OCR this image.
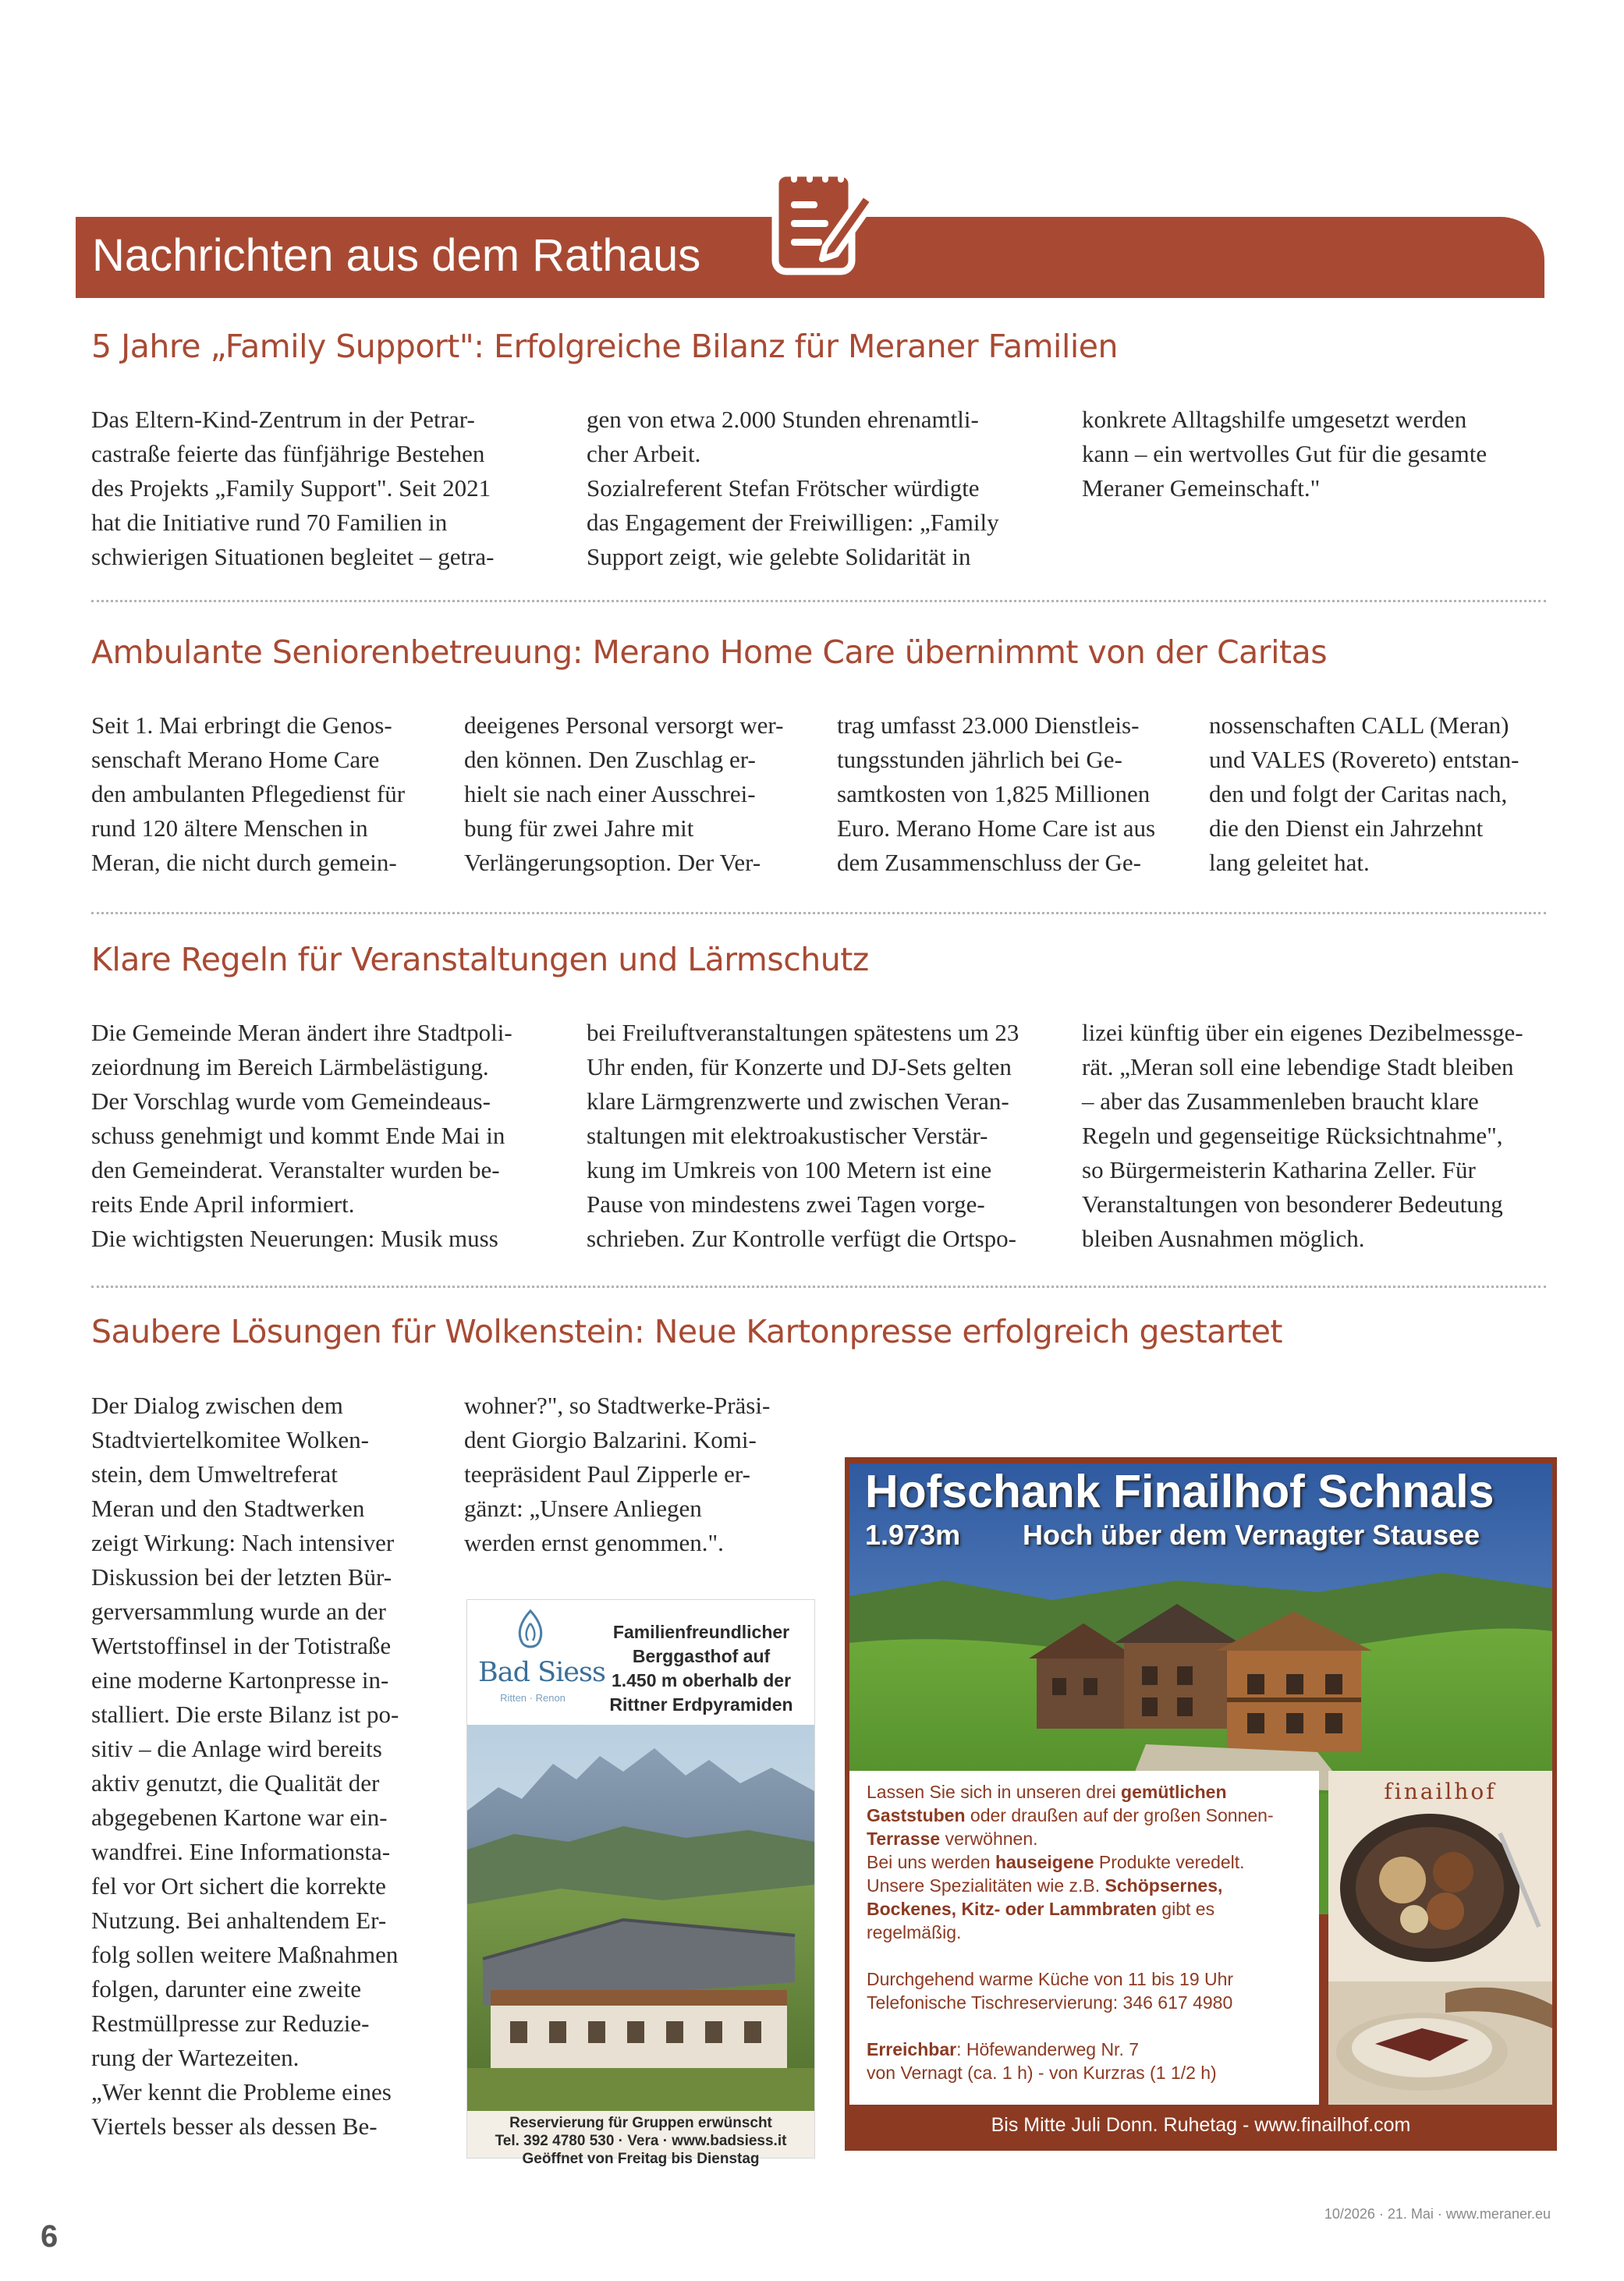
Nachrichten aus dem Rathaus
5 Jahre „Family Support": Erfolgreiche Bilanz für Meraner Familien

Das Eltern-Kind-Zentrum in der Petrar-

castraße feierte das fünfjährige Bestehen

des Projekts „Family Support". Seit 2021

hat die Initiative rund 70 Familien in

schwierigen Situationen begleitet – getra-

gen von etwa 2.000 Stunden ehrenamtli-

cher Arbeit.

Sozialreferent Stefan Frötscher würdigte

das Engagement der Freiwilligen: „Family

Support zeigt, wie gelebte Solidarität in

konkrete Alltagshilfe umgesetzt werden

kann – ein wertvolles Gut für die gesamte

Meraner Gemeinschaft."

Ambulante Seniorenbetreuung: Merano Home Care übernimmt von der Caritas

Seit 1. Mai erbringt die Genos-

senschaft Merano Home Care

den ambulanten Pflegedienst für

rund 120 ältere Menschen in

Meran, die nicht durch gemein-

deeigenes Personal versorgt wer-

den können. Den Zuschlag er-

hielt sie nach einer Ausschrei-

bung für zwei Jahre mit

Verlängerungsoption. Der Ver-

trag umfasst 23.000 Dienstleis-

tungsstunden jährlich bei Ge-

samtkosten von 1,825 Millionen

Euro. Merano Home Care ist aus

dem Zusammenschluss der Ge-

nossenschaften CALL (Meran)

und VALES (Rovereto) entstan-

den und folgt der Caritas nach,

die den Dienst ein Jahrzehnt

lang geleitet hat.

Klare Regeln für Veranstaltungen und Lärmschutz

Die Gemeinde Meran ändert ihre Stadtpoli-

zeiordnung im Bereich Lärmbelästigung.

Der Vorschlag wurde vom Gemeindeaus-

schuss genehmigt und kommt Ende Mai in

den Gemeinderat. Veranstalter wurden be-

reits Ende April informiert.

Die wichtigsten Neuerungen: Musik muss

bei Freiluftveranstaltungen spätestens um 23

Uhr enden, für Konzerte und DJ-Sets gelten

klare Lärmgrenzwerte und zwischen Veran-

staltungen mit elektroakustischer Verstär-

kung im Umkreis von 100 Metern ist eine

Pause von mindestens zwei Tagen vorge-

schrieben. Zur Kontrolle verfügt die Ortspo-

lizei künftig über ein eigenes Dezibelmessge-

rät. „Meran soll eine lebendige Stadt bleiben

– aber das Zusammenleben braucht klare

Regeln und gegenseitige Rücksichtnahme",

so Bürgermeisterin Katharina Zeller. Für

Veranstaltungen von besonderer Bedeutung

bleiben Ausnahmen möglich.

Saubere Lösungen für Wolkenstein: Neue Kartonpresse erfolgreich gestartet

Der Dialog zwischen dem

Stadtviertelkomitee Wolken-

stein, dem Umweltreferat

Meran und den Stadtwerken

zeigt Wirkung: Nach intensiver

Diskussion bei der letzten Bür-

gerversammlung wurde an der

Wertstoffinsel in der Totistraße

eine moderne Kartonpresse in-

stalliert. Die erste Bilanz ist po-

sitiv – die Anlage wird bereits

aktiv genutzt, die Qualität der

abgegebenen Kartone war ein-

wandfrei. Eine Informationsta-

fel vor Ort sichert die korrekte

Nutzung. Bei anhaltendem Er-

folg sollen weitere Maßnahmen

folgen, darunter eine zweite

Restmüllpresse zur Reduzie-

rung der Wartezeiten.

„Wer kennt die Probleme eines

Viertels besser als dessen Be-

wohner?", so Stadtwerke-Präsi-

dent Giorgio Balzarini. Komi-

teepräsident Paul Zipperle er-

gänzt: „Unsere Anliegen

werden ernst genommen.".

Bad Siess
Ritten · Renon
Familienfreundlicher
Berggasthof auf
1.450 m oberhalb der
Rittner Erdpyramiden
Reservierung für Gruppen erwünscht
Tel. 392 4780 530 · Vera · www.badsiess.it
Geöffnet von Freitag bis Dienstag
Hofschank Finailhof Schnals
1.973m Hoch über dem Vernagter Stausee
Lassen Sie sich in unseren drei gemütlichen Gaststuben oder draußen auf der großen Sonnen-Terrasse verwöhnen.
Bei uns werden hauseigene Produkte veredelt.
Unsere Spezialitäten wie z.B. Schöpsernes, Bockenes, Kitz- oder Lammbraten gibt es regelmäßig.
Durchgehend warme Küche von 11 bis 19 Uhr
Telefonische Tischreservierung: 346 617 4980
Erreichbar: Höfewanderweg Nr. 7
von Vernagt (ca. 1 h) - von Kurzras (1 1/2 h)
finailhof
Bis Mitte Juli Donn. Ruhetag - www.finailhof.com
6
10/2026 · 21. Mai · www.meraner.eu
